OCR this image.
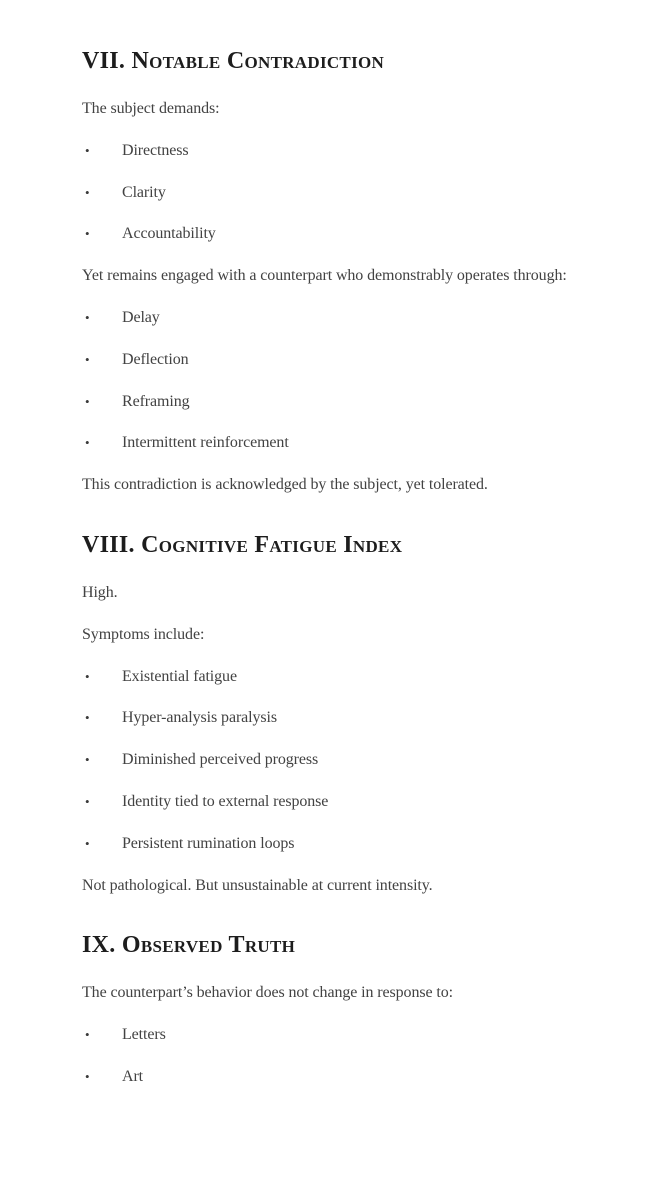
VII. Notable Contradiction

The subject demands:

•	Directness
•	Clarity
•	Accountability

Yet remains engaged with a counterpart who demonstrably operates through:

•	Delay
•	Deflection
•	Reframing
•	Intermittent reinforcement

This contradiction is acknowledged by the subject, yet tolerated.

VIII. Cognitive Fatigue Index

High.

Symptoms include:

•	Existential fatigue
•	Hyper-analysis paralysis
•	Diminished perceived progress
•	Identity tied to external response
•	Persistent rumination loops

Not pathological. But unsustainable at current intensity.

IX. Observed Truth

The counterpart’s behavior does not change in response to:

•	Letters
•	Art
